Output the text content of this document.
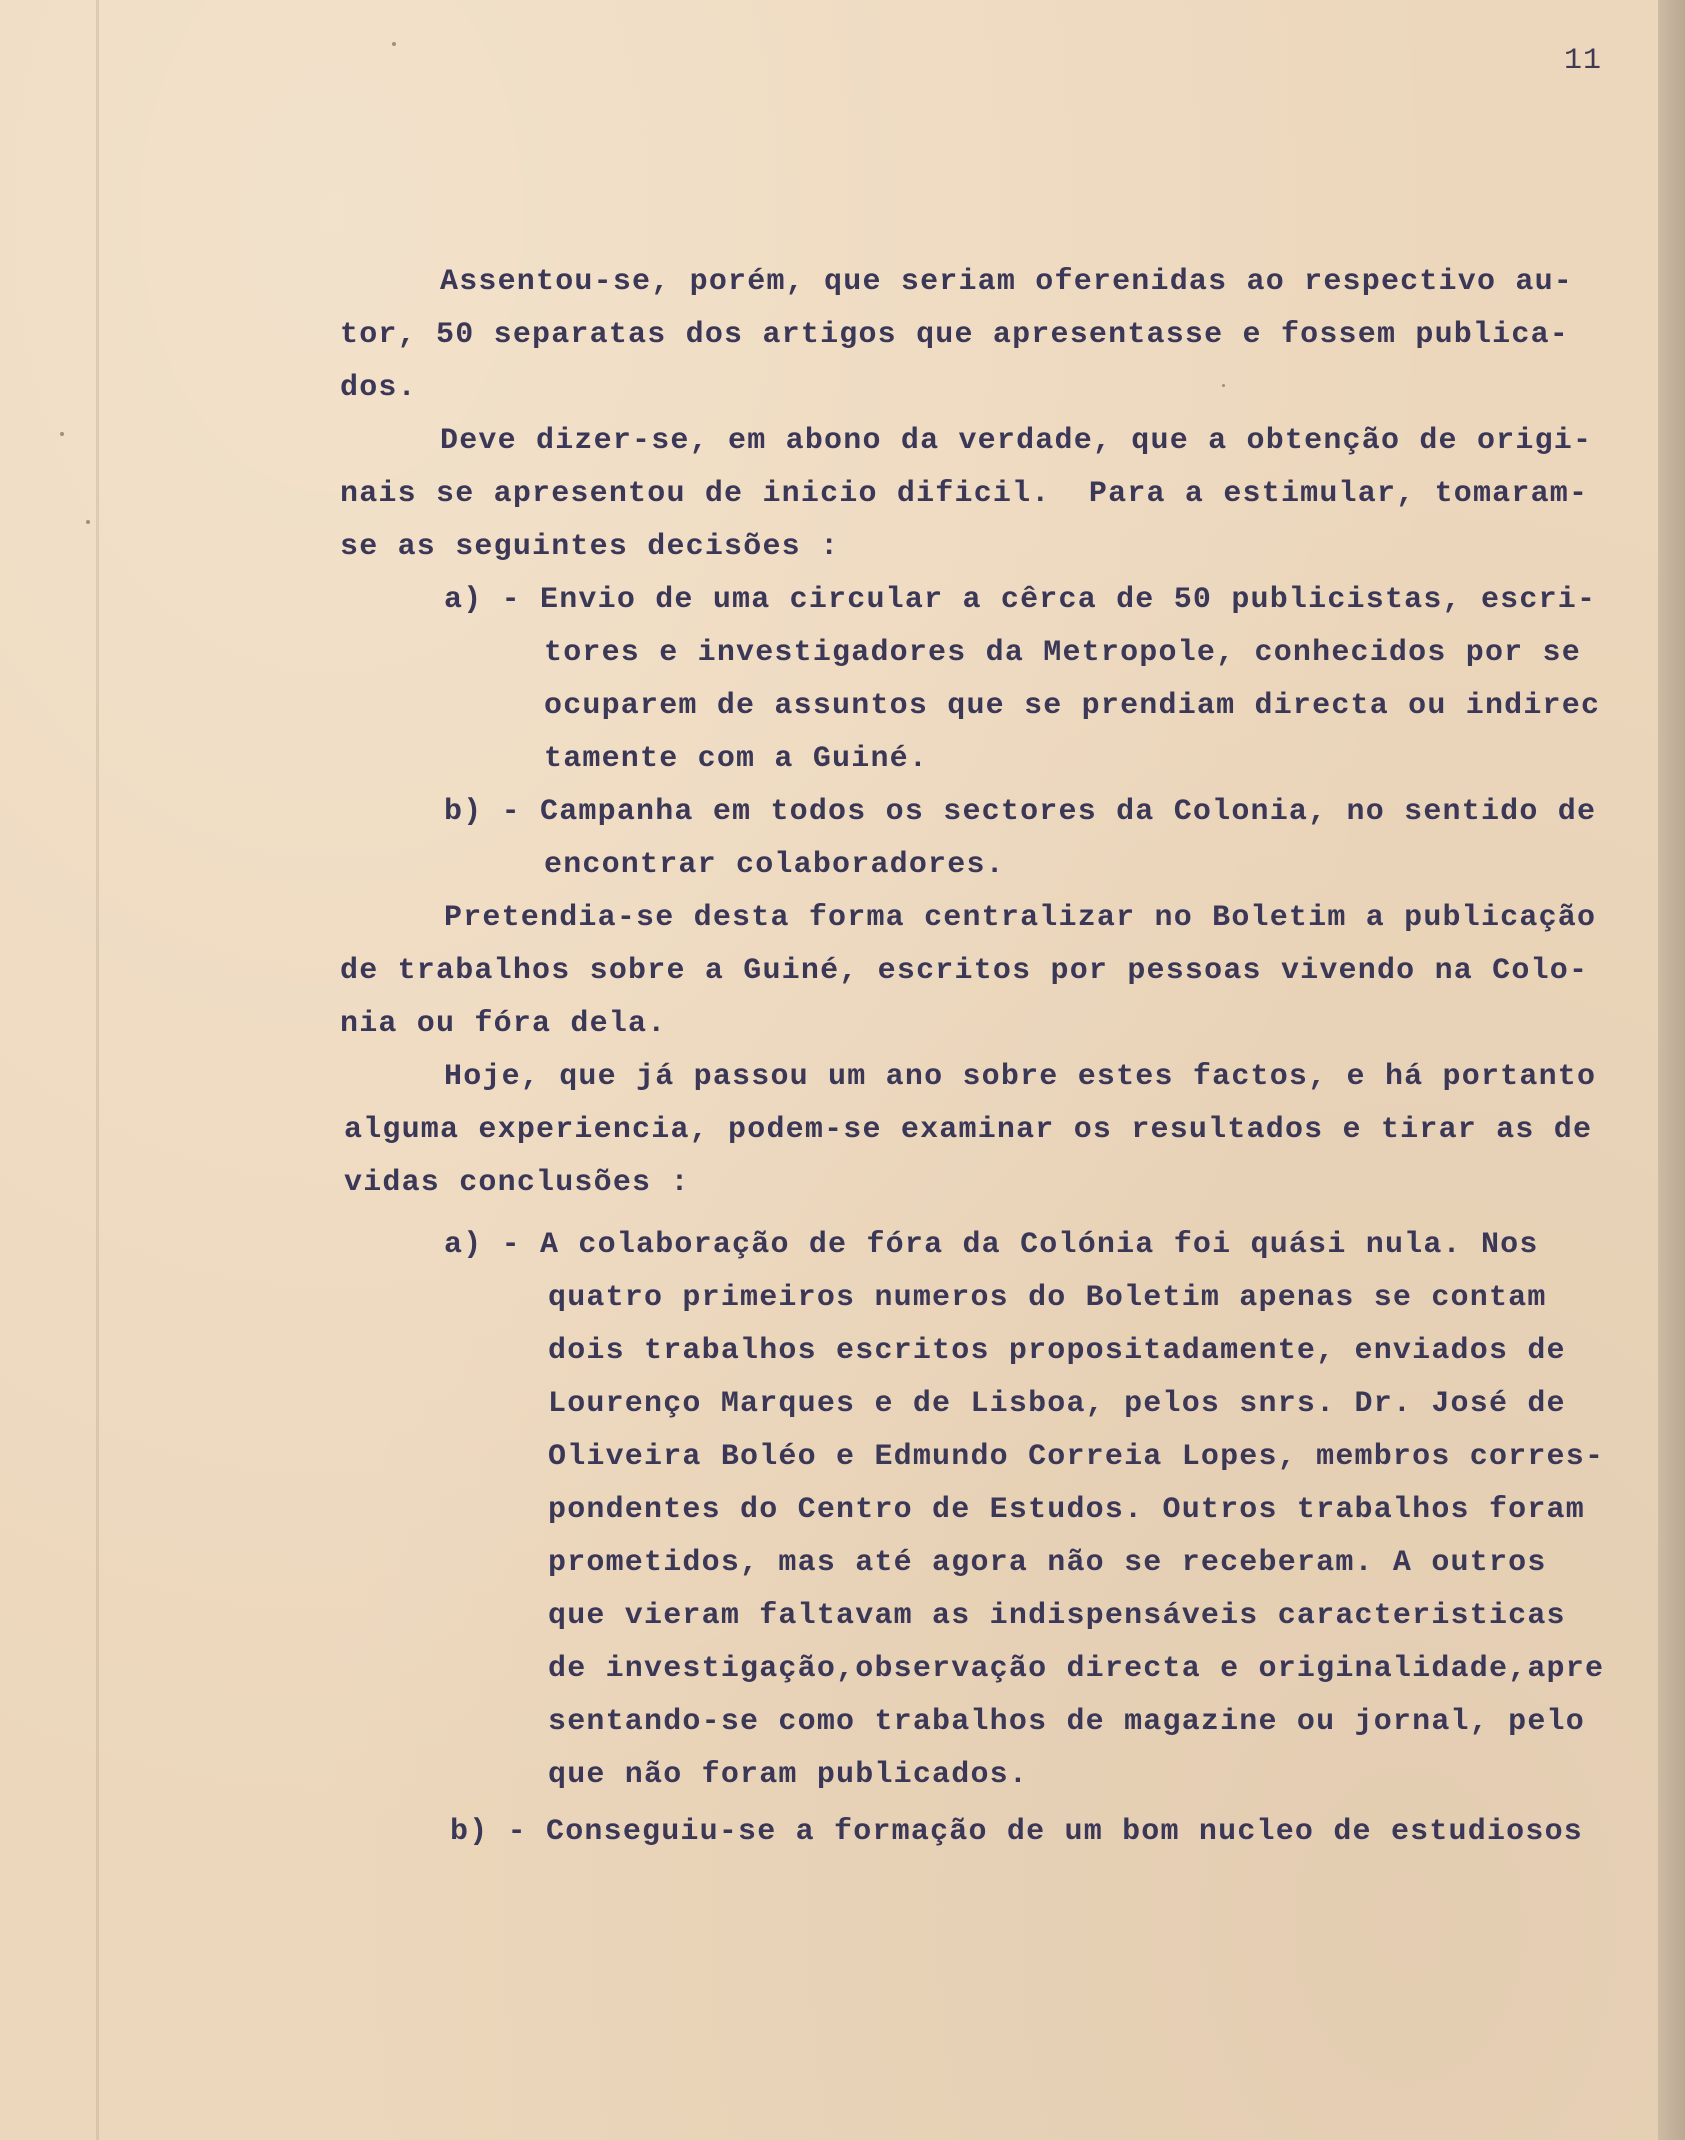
11
Assentou-se, porém, que seriam oferenidas ao respectivo au-
tor, 50 separatas dos artigos que apresentasse e fossem publica-
dos.
Deve dizer-se, em abono da verdade, que a obtenção de origi-
nais se apresentou de inicio dificil.  Para a estimular, tomaram-
se as seguintes decisões :
a) - Envio de uma circular a cêrca de 50 publicistas, escri-
tores e investigadores da Metropole, conhecidos por se
ocuparem de assuntos que se prendiam directa ou indirec
tamente com a Guiné.
b) - Campanha em todos os sectores da Colonia, no sentido de
encontrar colaboradores.
Pretendia-se desta forma centralizar no Boletim a publicação
de trabalhos sobre a Guiné, escritos por pessoas vivendo na Colo-
nia ou fóra dela.
Hoje, que já passou um ano sobre estes factos, e há portanto
alguma experiencia, podem-se examinar os resultados e tirar as de
vidas conclusões :
a) - A colaboração de fóra da Colónia foi quási nula. Nos
quatro primeiros numeros do Boletim apenas se contam
dois trabalhos escritos propositadamente, enviados de
Lourenço Marques e de Lisboa, pelos snrs. Dr. José de
Oliveira Boléo e Edmundo Correia Lopes, membros corres-
pondentes do Centro de Estudos. Outros trabalhos foram
prometidos, mas até agora não se receberam. A outros
que vieram faltavam as indispensáveis caracteristicas
de investigação,observação directa e originalidade,apre
sentando-se como trabalhos de magazine ou jornal, pelo
que não foram publicados.
b) - Conseguiu-se a formação de um bom nucleo de estudiosos
